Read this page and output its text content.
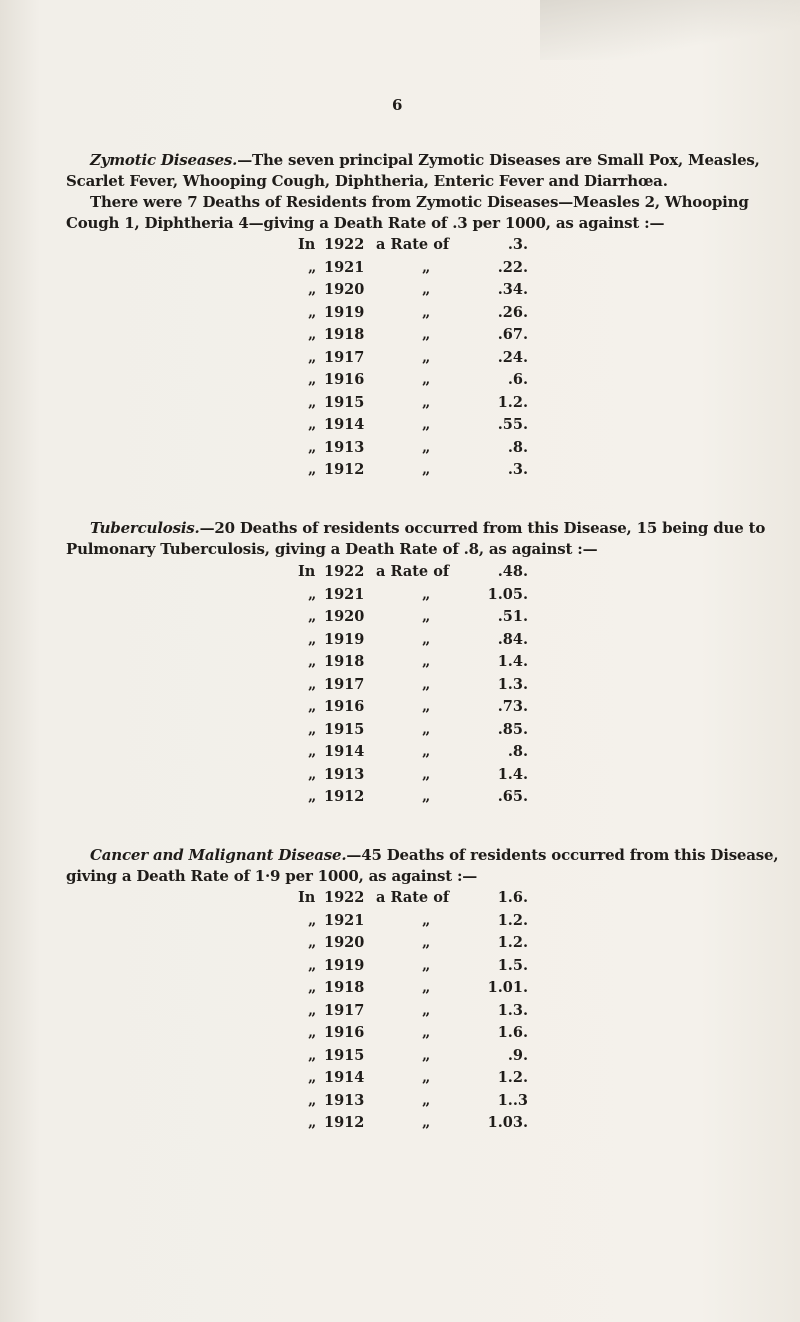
6
Zymotic Diseases.—The seven principal Zymotic Diseases are Small Pox, Measles,
Scarlet Fever, Whooping Cough, Diphtheria, Enteric Fever and Diarrhœa.
There were 7 Deaths of Residents from Zymotic Diseases—Measles 2, Whooping
Cough 1, Diphtheria 4—giving a Death Rate of .3 per 1000, as against :—
In 1922 a Rate of	.3.
„ 1921	„	.22.
„ 1920	„	.34.
„ 1919	„	.26.
„ 1918	„	.67.
„ 1917	„	.24.
„ 1916	„	.6.
„ 1915	„	1.2.
„ 1914	„	.55.
„ 1913	„	.8.
„ 1912	„	.3.
Tuberculosis.—20 Deaths of residents occurred from this Disease, 15 being due to
Pulmonary Tuberculosis, giving a Death Rate of .8, as against :—
In 1922 a Rate of	.48.
„ 1921	„	1.05.
„ 1920	„	.51.
„ 1919	„	.84.
„ 1918	„	1.4.
„ 1917	„	1.3.
„ 1916	„	.73.
„ 1915	„	.85.
„ 1914	„	.8.
„ 1913	„	1.4.
„ 1912	„	.65.
Cancer and Malignant Disease.—45 Deaths of residents occurred from this Disease,
giving a Death Rate of 1·9 per 1000, as against :—
In 1922 a Rate of	1.6.
„ 1921	„	1.2.
„ 1920	„	1.2.
„ 1919	„	1.5.
„ 1918	„	1.01.
„ 1917	„	1.3.
„ 1916	„	1.6.
„ 1915	„	.9.
„ 1914	„	1.2.
„ 1913	„	1..3
„ 1912	„	1.03.
